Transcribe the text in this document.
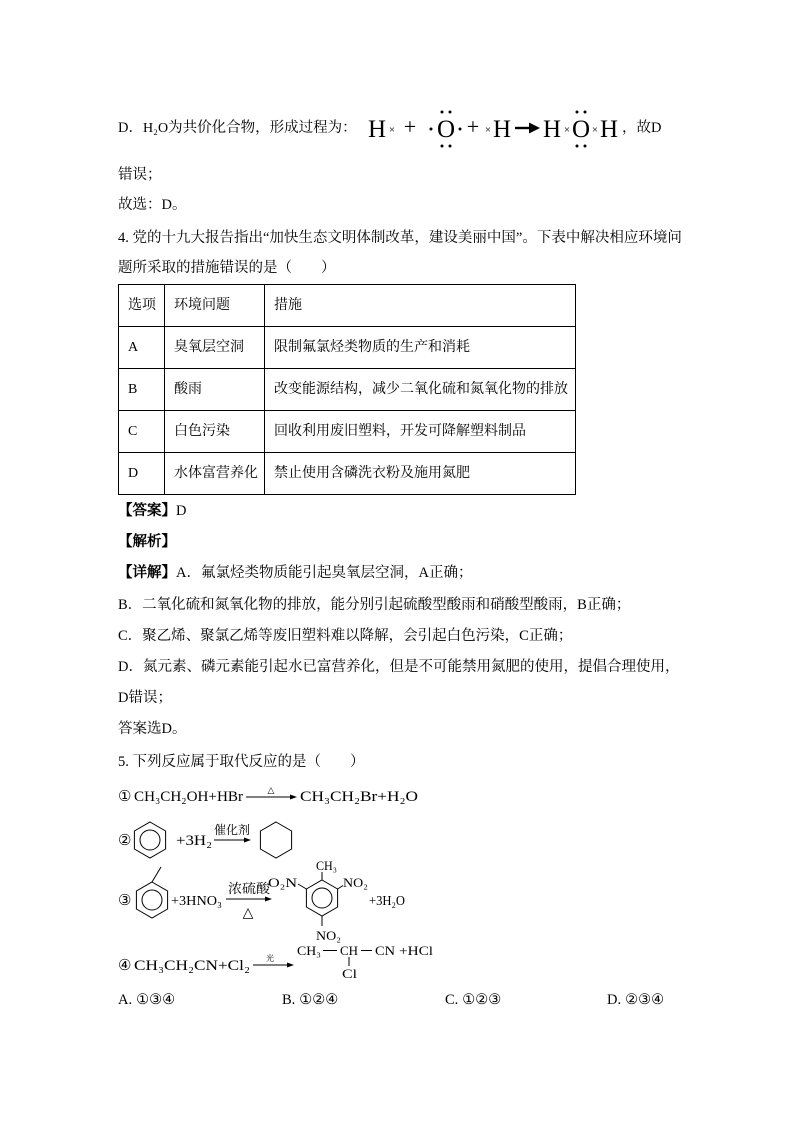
D．H₂O为共价化合物，形成过程为： H × + O + × H H × O × H ，故D
错误；
故选：D。
4. 党的十九大报告指出“加快生态文明体制改革，建设美丽中国”。下表中解决相应环境问
题所采取的措施错误的是（　　）
选项	环境问题	措施
A	臭氧层空洞	限制氟氯烃类物质的生产和消耗
B	酸雨	改变能源结构，减少二氧化硫和氮氧化物的排放
C	白色污染	回收利用废旧塑料，开发可降解塑料制品
D	水体富营养化	禁止使用含磷洗衣粉及施用氮肥
【答案】D
【解析】
【详解】A．氟氯烃类物质能引起臭氧层空洞，A正确；
B．二氧化硫和氮氧化物的排放，能分别引起硫酸型酸雨和硝酸型酸雨，B正确；
C．聚乙烯、聚氯乙烯等废旧塑料难以降解，会引起白色污染，C正确；
D．氮元素、磷元素能引起水已富营养化，但是不可能禁用氮肥的使用，提倡合理使用，
D错误；
答案选D。
5. 下列反应属于取代反应的是（　　）
① CH₃CH₂OH+HBr	△ CH₃CH₂Br+H₂O
②	+3H₂
催化剂
③	+3HNO₃
浓硫酸
△
CH₃
O₂N	NO₂
NO₂
+3H₂O
④ CH₃CH₂CN+Cl₂ 光
CH₃ CH CN +HCl
Cl
A. ①③④	B. ①②④	C. ①②③	D. ②③④
